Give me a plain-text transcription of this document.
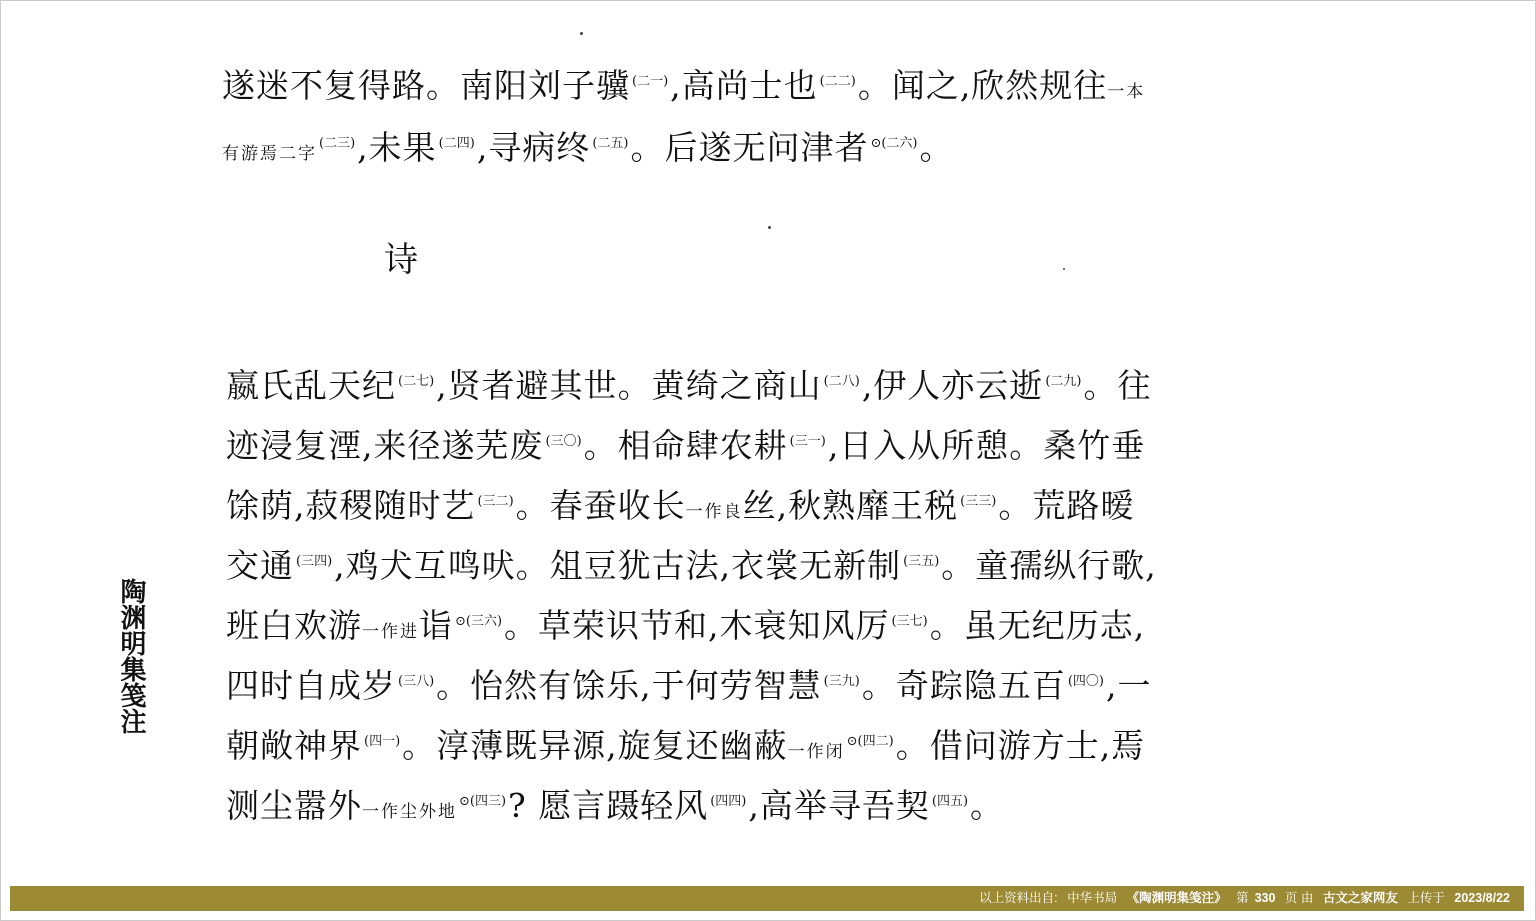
遂迷不复得路。南阳刘子骥 $^{(二一)}$,高尚士也 $^{(二二)}$。闻之,欣然规往一本
有游焉二字$^{(二三)}$,未果 $^{(二四)}$,寻病终 $^{(二五)}$。后遂无问津者 $^{⊙(二六)}$。
诗
嬴氏乱天纪 $^{(二七)}$,贤者避其世。黄绮之商山 $^{(二八)}$,伊人亦云逝 $^{(二九)}$。往
迹浸复湮,来径遂芜废 $^{(三〇)}$。相命肆农耕 $^{(三一)}$,日入从所憩。桑竹垂
馀荫,菽稷随时艺 $^{(三二)}$。春蚕收长一作良丝,秋熟靡王税 $^{(三三)}$。荒路暧
交通 $^{(三四)}$,鸡犬互鸣吠。俎豆犹古法,衣裳无新制 $^{(三五)}$。童孺纵行歌,
班白欢游一作进诣 $^{⊙(三六)}$。草荣识节和,木衰知风厉 $^{(三七)}$。虽无纪历志,
四时自成岁 $^{(三八)}$。怡然有馀乐,于何劳智慧 $^{(三九)}$。奇踪隐五百 $^{(四〇)}$,一
朝敞神界 $^{(四一)}$。淳薄既异源,旋复还幽蔽一作闭$^{⊙(四二)}$。借问游方士,焉
测尘嚣外一作尘外地$^{⊙(四三)}$? 愿言蹑轻风 $^{(四四)}$,高举寻吾契 $^{(四五)}$。
陶渊明集笺注
以上资料出自: 中华书局 《陶渊明集笺注》 第 330 页 由 古文之家网友 上传于 2023/8/22
